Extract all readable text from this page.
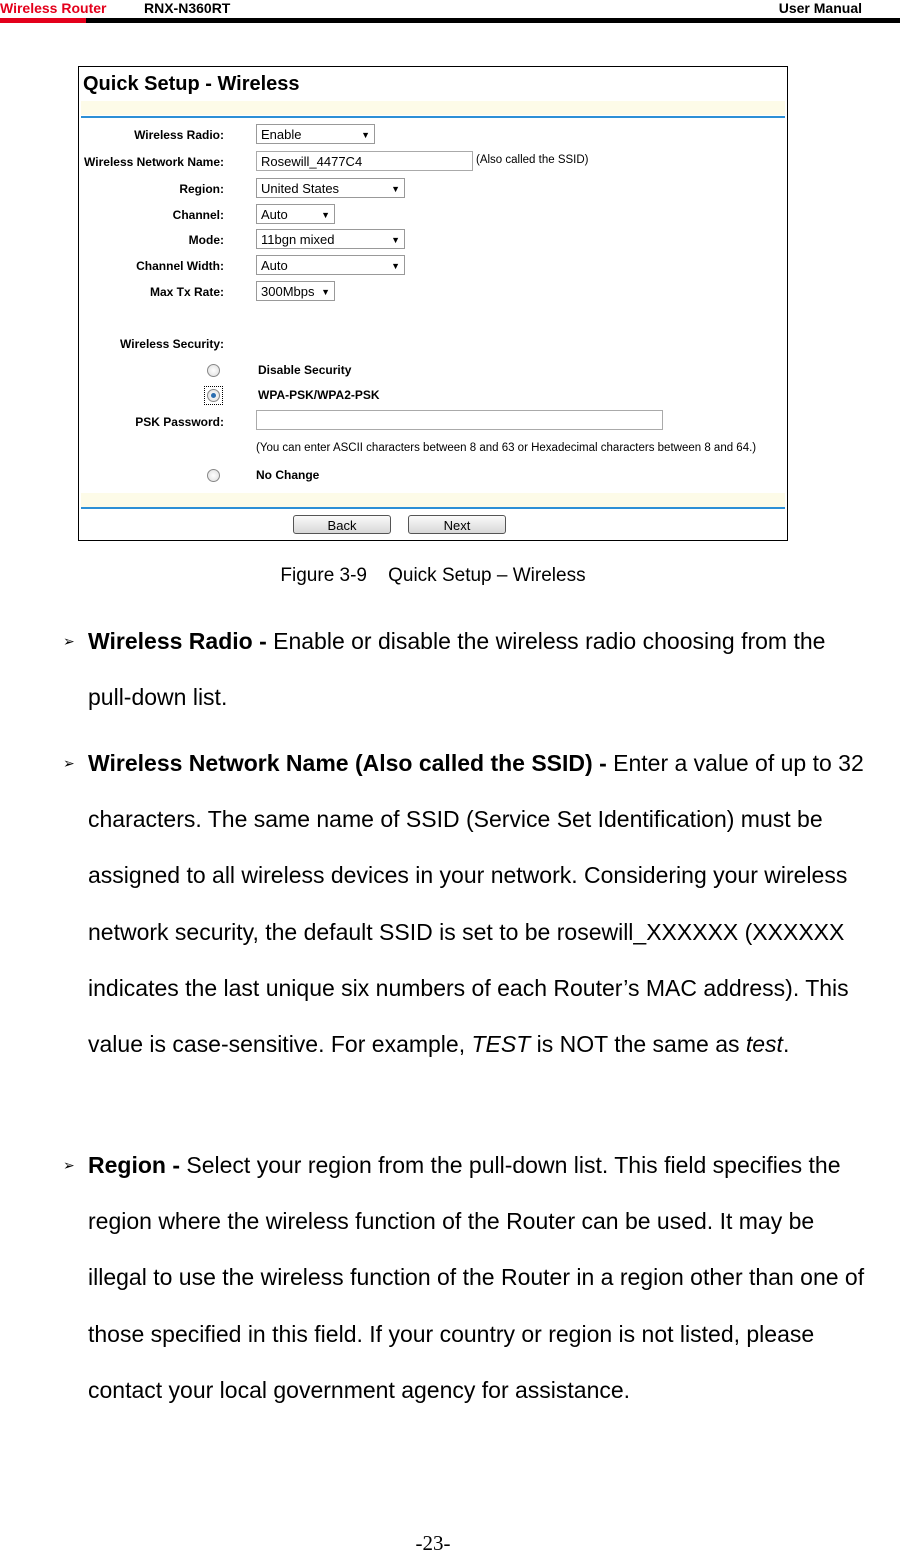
Wireless Router	RNX-N360RT	User Manual
Quick Setup - Wireless
Wireless Radio:	Enable	▼
Wireless Network Name:	Rosewill_4477C4	(Also called the SSID)
Region:	United States	▼
Channel:	Auto	▼
Mode:	11bgn mixed	▼
Channel Width:	Auto	▼
Max Tx Rate:	300Mbps ▼
Wireless Security:
Disable Security
WPA-PSK/WPA2-PSK
PSK Password:
(You can enter ASCII characters between 8 and 63 or Hexadecimal characters between 8 and 64.)
No Change
Back	Next
Figure 3-9    Quick Setup – Wireless
➢ Wireless Radio - Enable or disable the wireless radio choosing from the pull-down list.
➢ Wireless Network Name (Also called the SSID) - Enter a value of up to 32 characters. The same name of SSID (Service Set Identification) must be assigned to all wireless devices in your network. Considering your wireless network security, the default SSID is set to be rosewill_XXXXXX (XXXXXX indicates the last unique six numbers of each Router’s MAC address). This value is case-sensitive. For example, TEST is NOT the same as test.
➢ Region - Select your region from the pull-down list. This field specifies the region where the wireless function of the Router can be used. It may be illegal to use the wireless function of the Router in a region other than one of those specified in this field. If your country or region is not listed, please contact your local government agency for assistance.
-23-
